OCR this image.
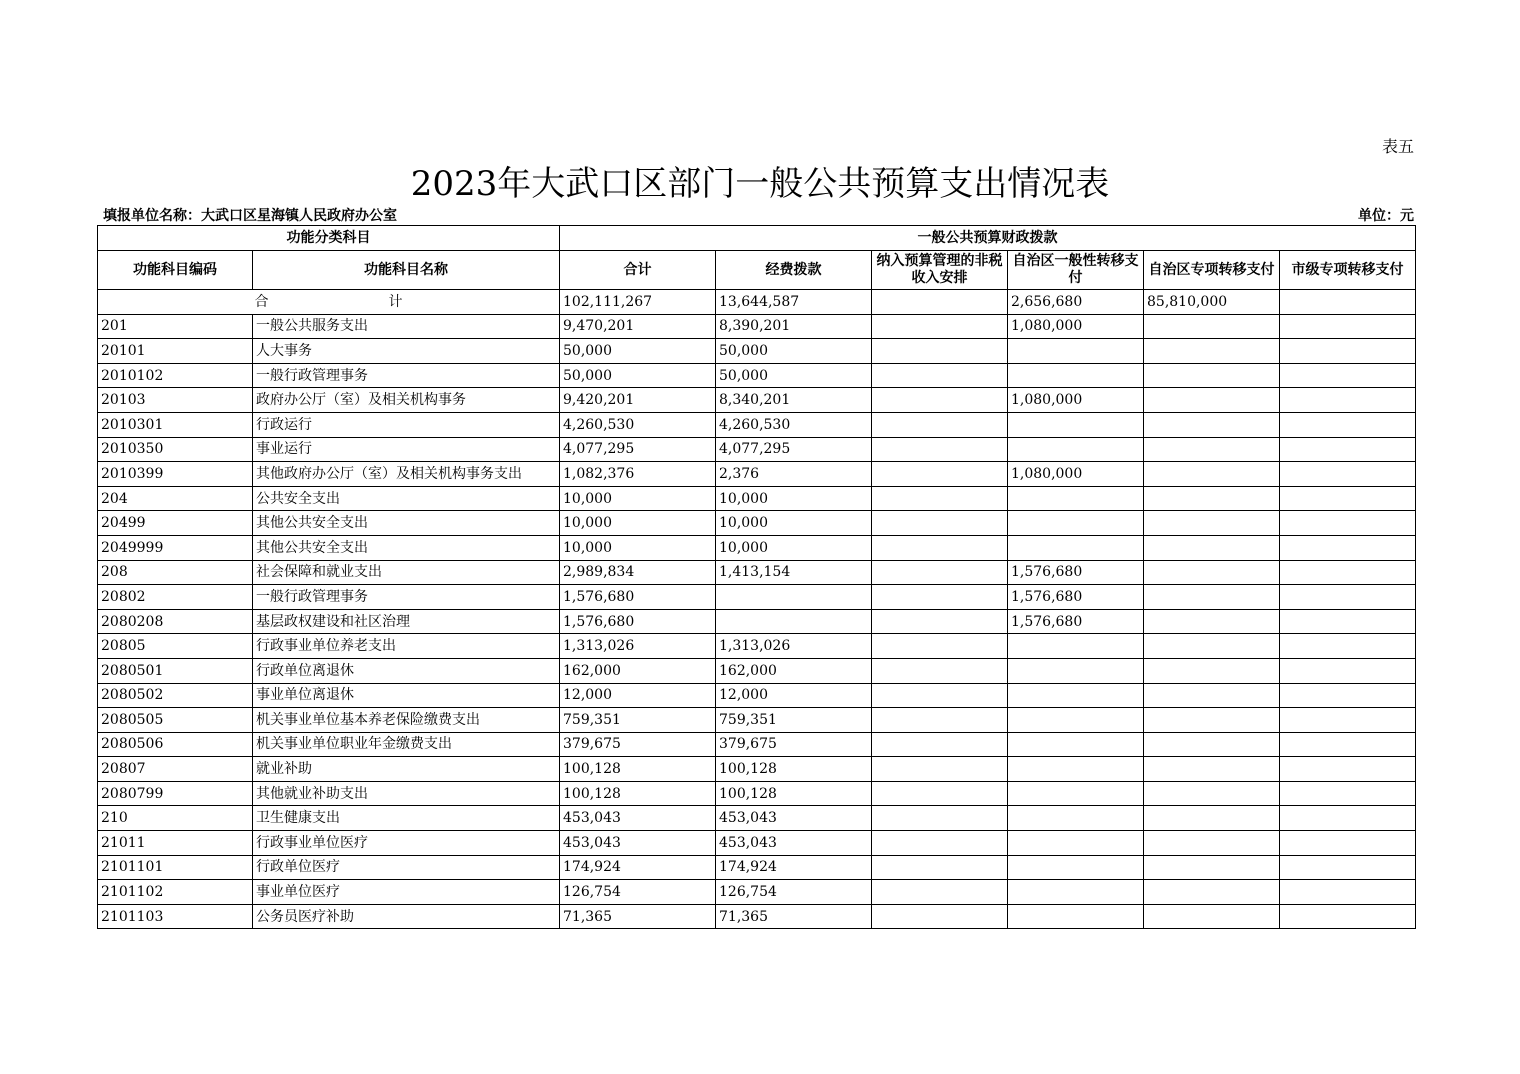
表五
2023年大武口区部门一般公共预算支出情况表
填报单位名称：大武口区星海镇人民政府办公室	单位：元
功能分类科目		一般公共预算财政拨款					
功能科目编码	功能科目名称	合计	经费拨款	纳入预算管理的非税收入安排	自治区一般性转移支付	自治区专项转移支付	市级专项转移支付
合 计		102,111,267	13,644,587		2,656,680	85,810,000	
201	一般公共服务支出	9,470,201	8,390,201		1,080,000		
20101	人大事务	50,000	50,000				
2010102	一般行政管理事务	50,000	50,000				
20103	政府办公厅（室）及相关机构事务	9,420,201	8,340,201		1,080,000		
2010301	行政运行	4,260,530	4,260,530				
2010350	事业运行	4,077,295	4,077,295				
2010399	其他政府办公厅（室）及相关机构事务支出	1,082,376	2,376		1,080,000		
204	公共安全支出	10,000	10,000				
20499	其他公共安全支出	10,000	10,000				
2049999	其他公共安全支出	10,000	10,000				
208	社会保障和就业支出	2,989,834	1,413,154		1,576,680		
20802	一般行政管理事务	1,576,680			1,576,680		
2080208	基层政权建设和社区治理	1,576,680			1,576,680		
20805	行政事业单位养老支出	1,313,026	1,313,026				
2080501	行政单位离退休	162,000	162,000				
2080502	事业单位离退休	12,000	12,000				
2080505	机关事业单位基本养老保险缴费支出	759,351	759,351				
2080506	机关事业单位职业年金缴费支出	379,675	379,675				
20807	就业补助	100,128	100,128				
2080799	其他就业补助支出	100,128	100,128				
210	卫生健康支出	453,043	453,043				
21011	行政事业单位医疗	453,043	453,043				
2101101	行政单位医疗	174,924	174,924				
2101102	事业单位医疗	126,754	126,754				
2101103	公务员医疗补助	71,365	71,365				
